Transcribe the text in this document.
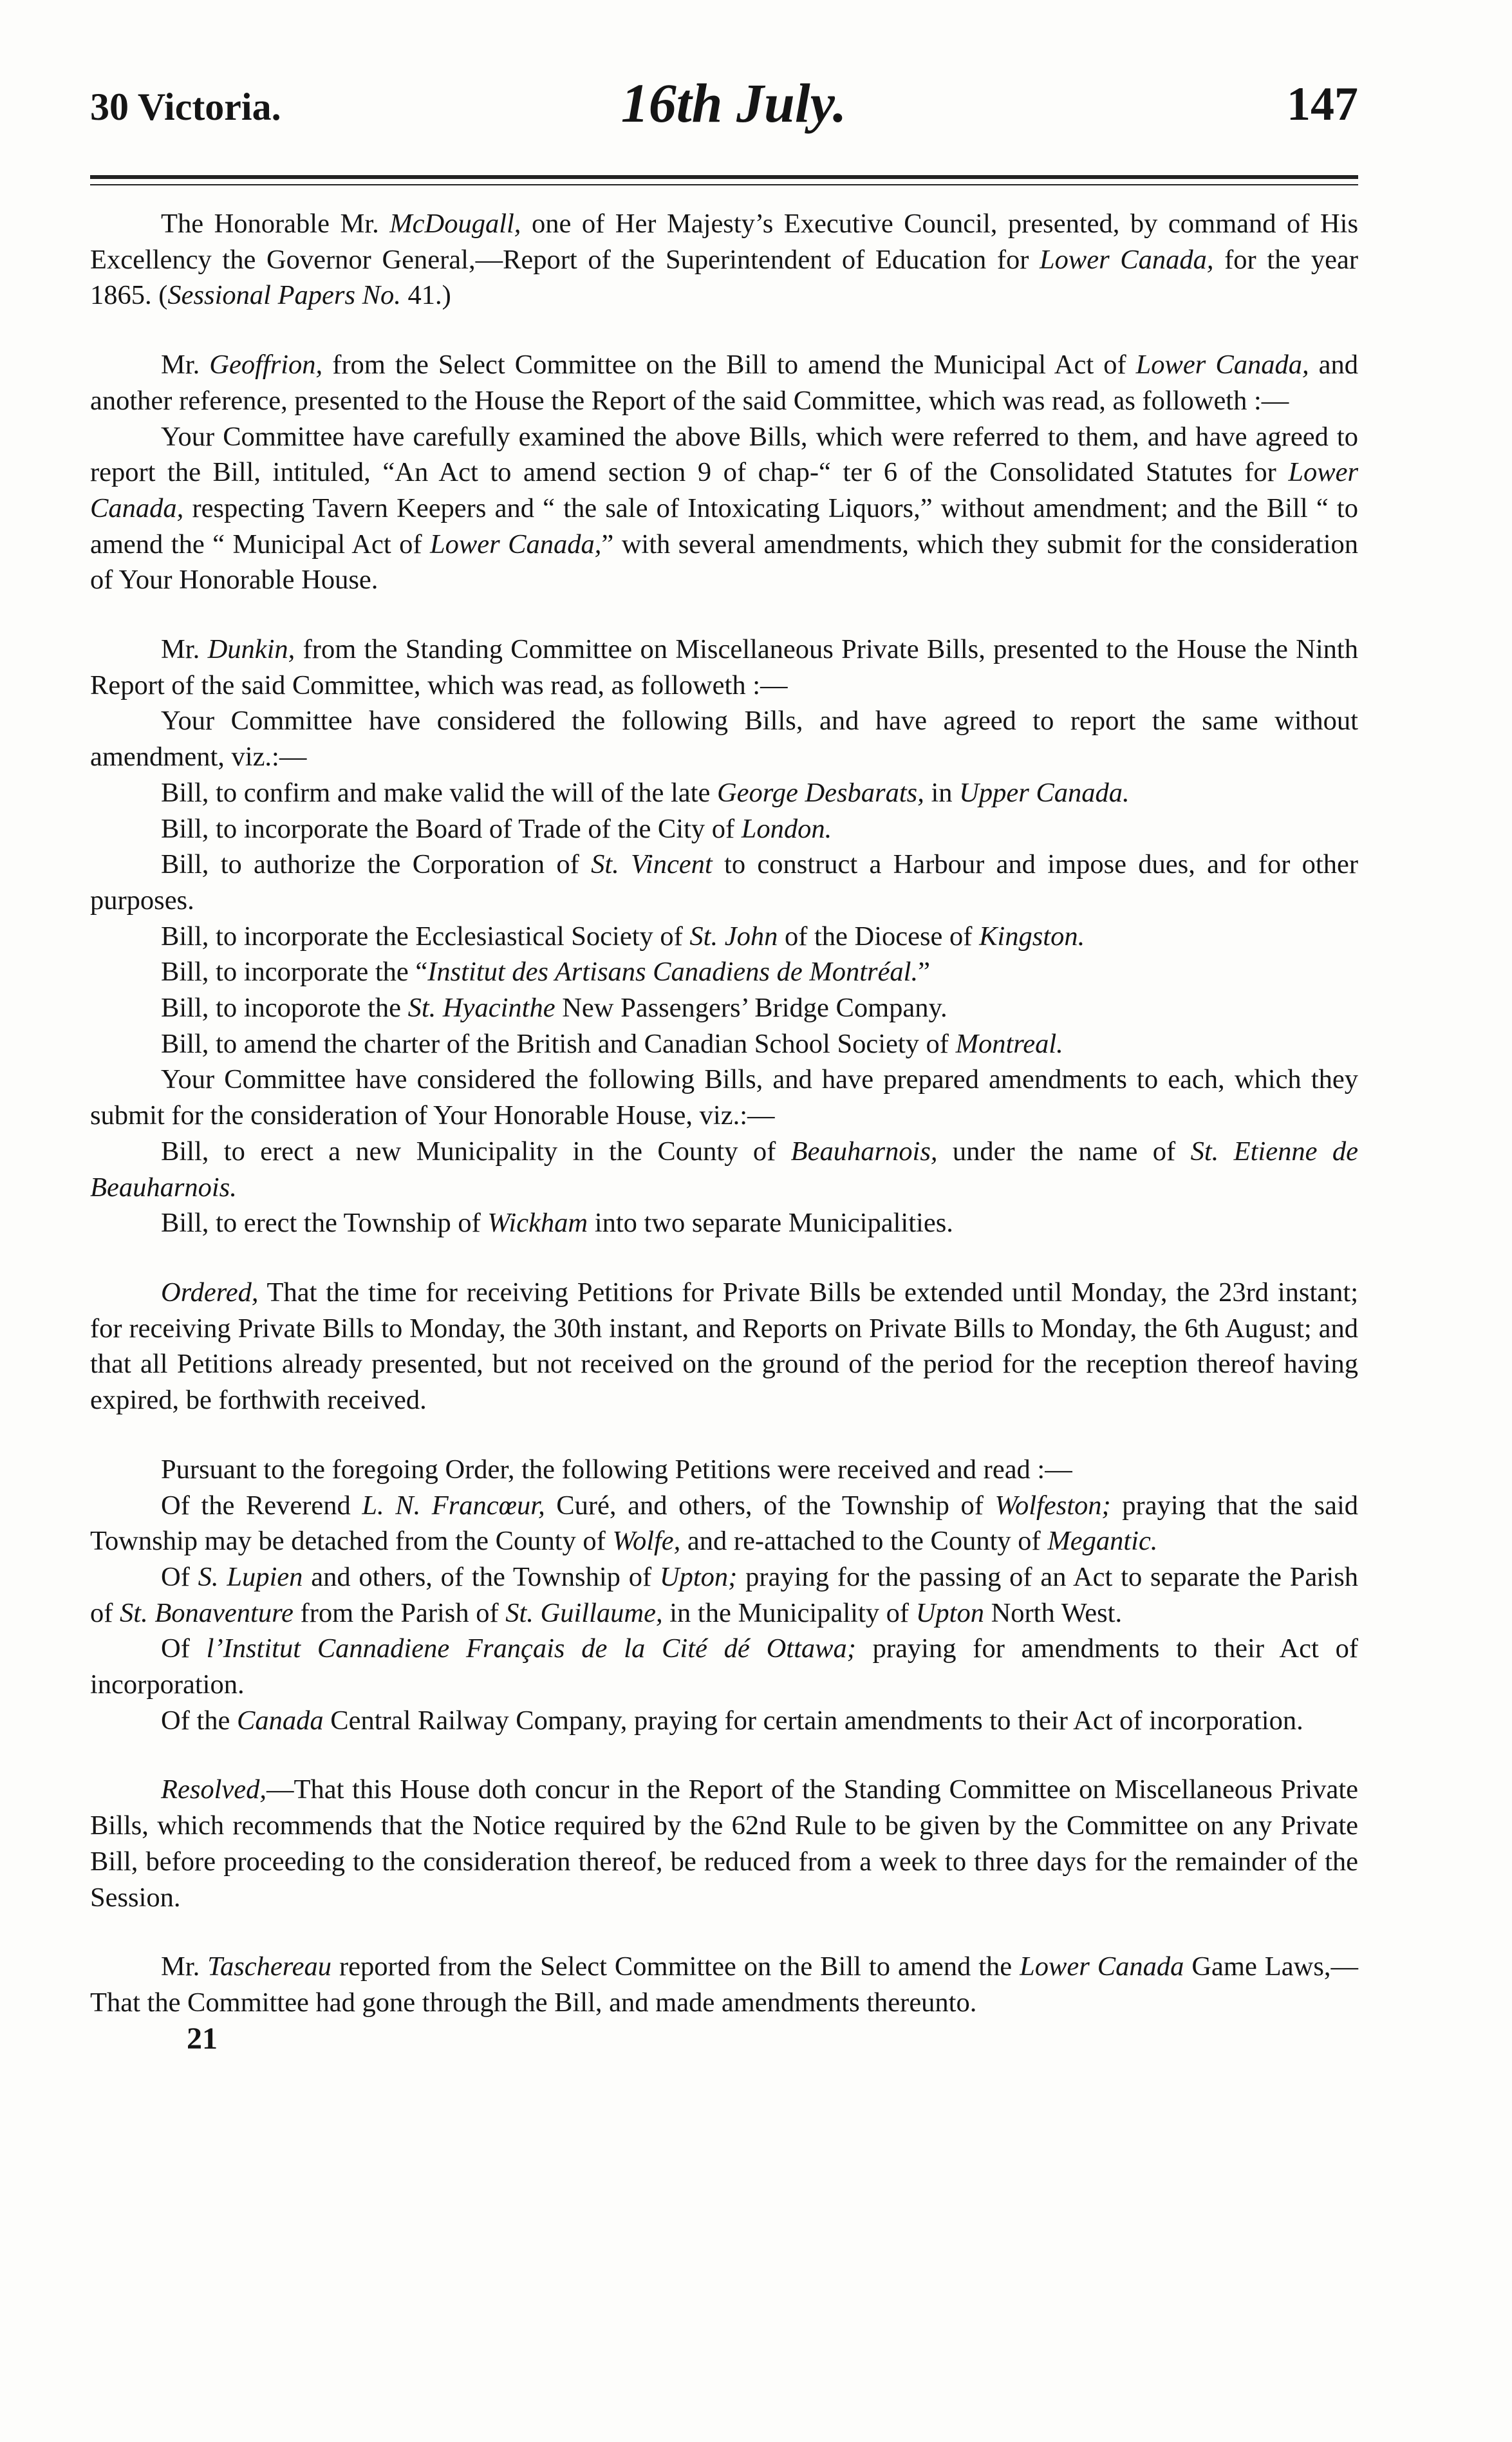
30 Victoria.	16th July.	147

The Honorable Mr. McDougall, one of Her Majesty’s Executive Council, presented, by command of His Excellency the Governor General,—Report of the Superintendent of Education for Lower Canada, for the year 1865. (Sessional Papers No. 41.)

Mr. Geoffrion, from the Select Committee on the Bill to amend the Municipal Act of Lower Canada, and another reference, presented to the House the Report of the said Committee, which was read, as followeth :—

Your Committee have carefully examined the above Bills, which were referred to them, and have agreed to report the Bill, intituled, “An Act to amend section 9 of chap-“ ter 6 of the Consolidated Statutes for Lower Canada, respecting Tavern Keepers and “ the sale of Intoxicating Liquors,” without amendment; and the Bill “ to amend the “ Municipal Act of Lower Canada,” with several amendments, which they submit for the consideration of Your Honorable House.

Mr. Dunkin, from the Standing Committee on Miscellaneous Private Bills, presented to the House the Ninth Report of the said Committee, which was read, as followeth :—

Your Committee have considered the following Bills, and have agreed to report the same without amendment, viz.:—

Bill, to confirm and make valid the will of the late George Desbarats, in Upper Canada.

Bill, to incorporate the Board of Trade of the City of London.

Bill, to authorize the Corporation of St. Vincent to construct a Harbour and impose dues, and for other purposes.

Bill, to incorporate the Ecclesiastical Society of St. John of the Diocese of Kingston.

Bill, to incorporate the “Institut des Artisans Canadiens de Montréal.”

Bill, to incoporote the St. Hyacinthe New Passengers’ Bridge Company.

Bill, to amend the charter of the British and Canadian School Society of Montreal.

Your Committee have considered the following Bills, and have prepared amendments to each, which they submit for the consideration of Your Honorable House, viz.:—

Bill, to erect a new Municipality in the County of Beauharnois, under the name of St. Etienne de Beauharnois.

Bill, to erect the Township of Wickham into two separate Municipalities.

Ordered, That the time for receiving Petitions for Private Bills be extended until Monday, the 23rd instant; for receiving Private Bills to Monday, the 30th instant, and Reports on Private Bills to Monday, the 6th August; and that all Petitions already presented, but not received on the ground of the period for the reception thereof having expired, be forthwith received.

Pursuant to the foregoing Order, the following Petitions were received and read :—

Of the Reverend L. N. Francœur, Curé, and others, of the Township of Wolfeston; praying that the said Township may be detached from the County of Wolfe, and re-attached to the County of Megantic.

Of S. Lupien and others, of the Township of Upton; praying for the passing of an Act to separate the Parish of St. Bonaventure from the Parish of St. Guillaume, in the Municipality of Upton North West.

Of l’Institut Cannadiene Français de la Cité dé Ottawa; praying for amendments to their Act of incorporation.

Of the Canada Central Railway Company, praying for certain amendments to their Act of incorporation.

Resolved,—That this House doth concur in the Report of the Standing Committee on Miscellaneous Private Bills, which recommends that the Notice required by the 62nd Rule to be given by the Committee on any Private Bill, before proceeding to the consideration thereof, be reduced from a week to three days for the remainder of the Session.

Mr. Taschereau reported from the Select Committee on the Bill to amend the Lower Canada Game Laws,—That the Committee had gone through the Bill, and made amendments thereunto.

21
